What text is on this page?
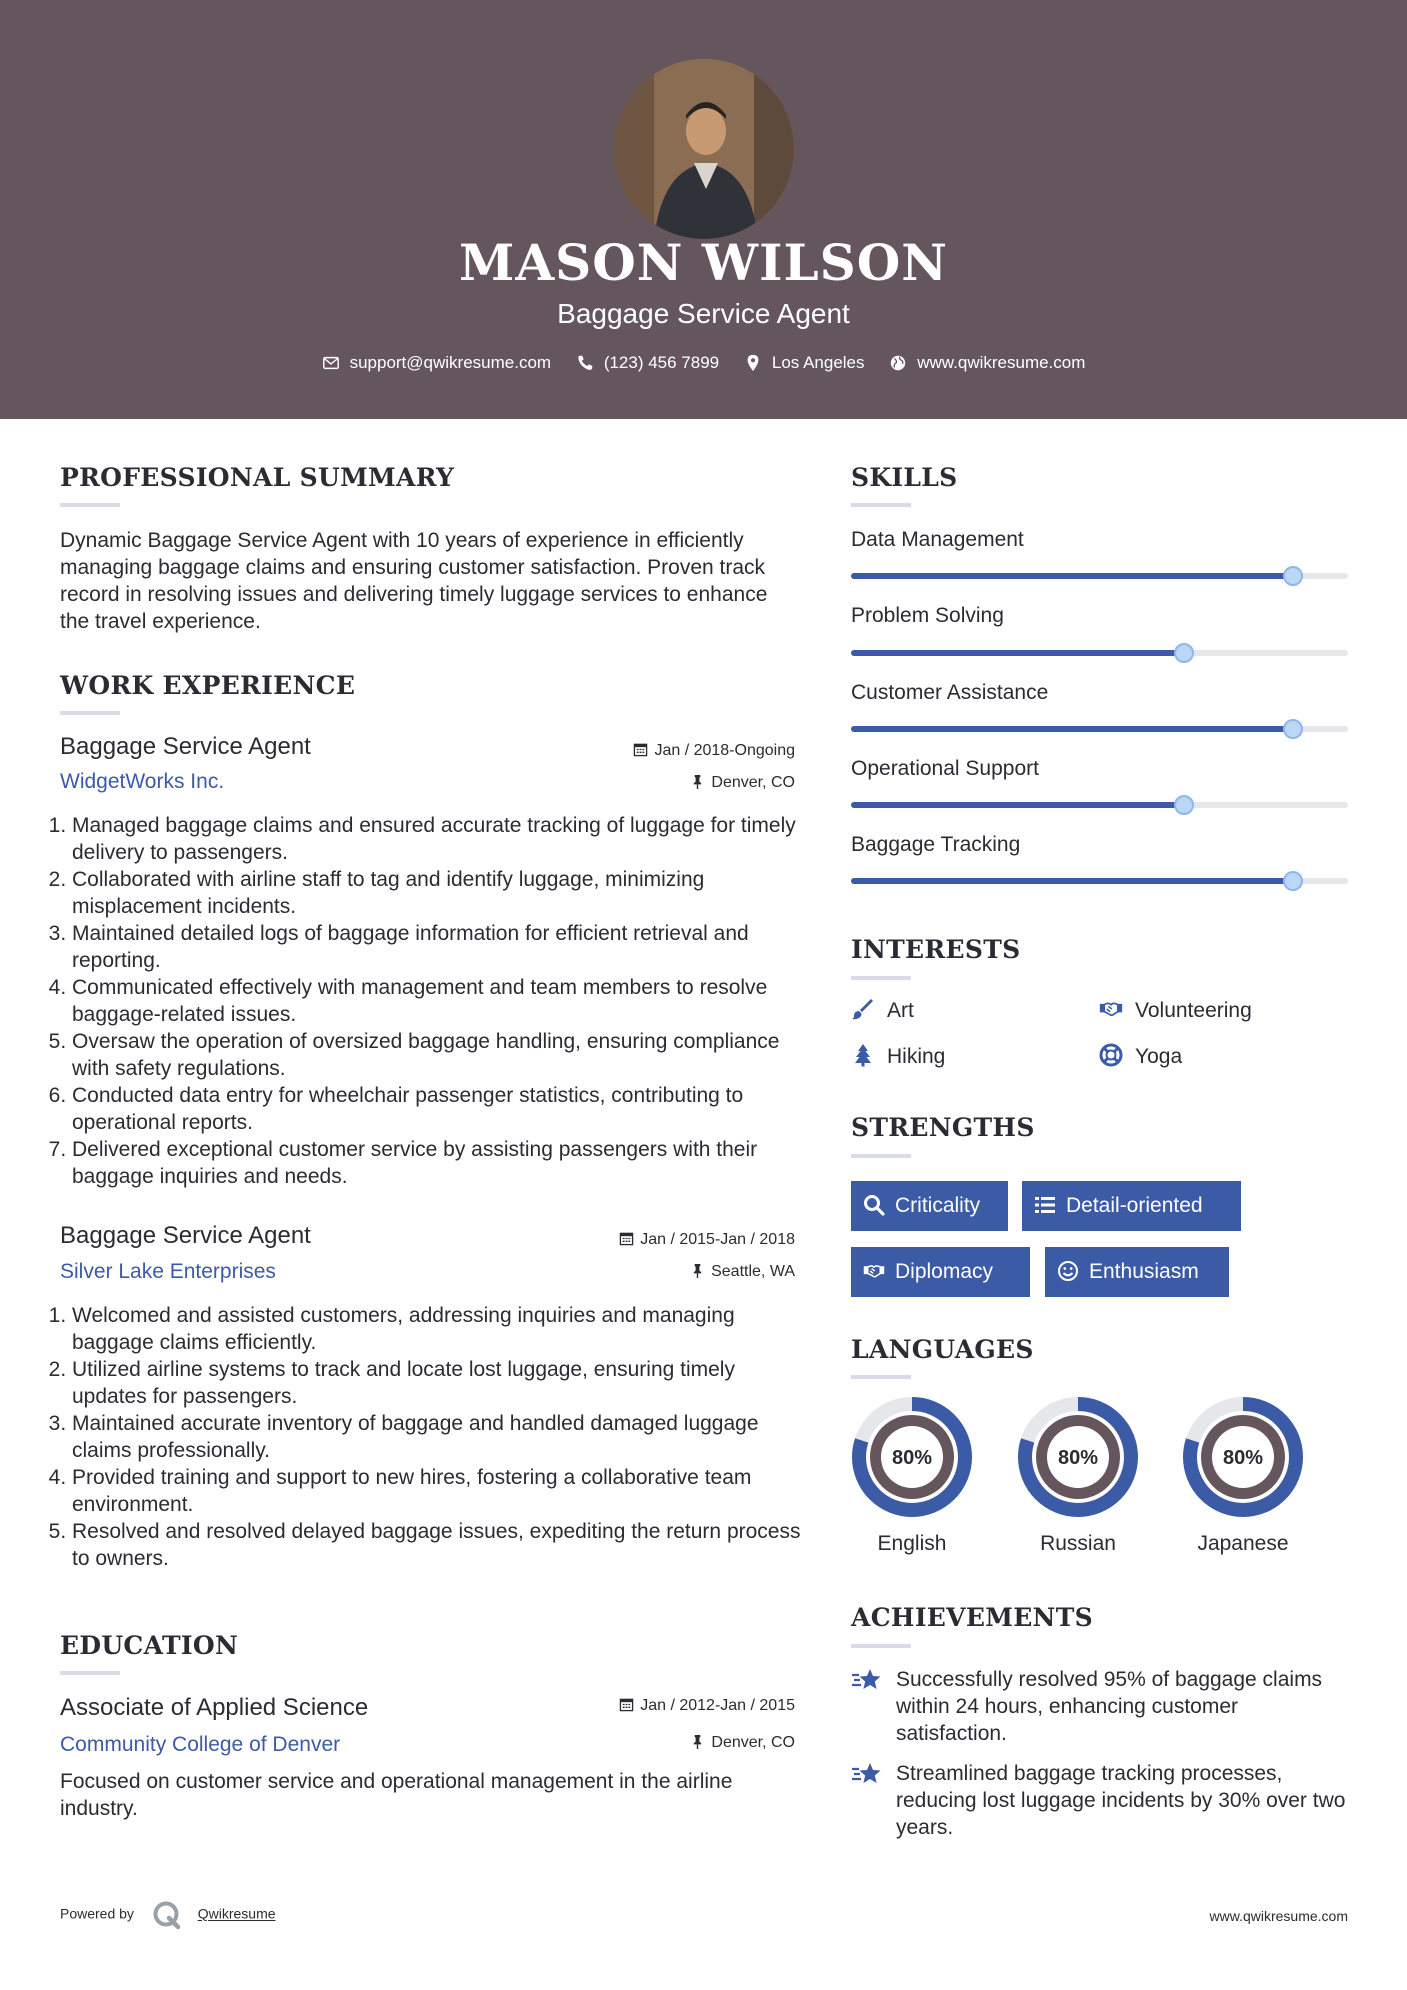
MASON WILSON
Baggage Service Agent
support@qwikresume.com	(123) 456 7899	Los Angeles	www.qwikresume.com
PROFESSIONAL SUMMARY
Dynamic Baggage Service Agent with 10 years of experience in efficiently managing baggage claims and ensuring customer satisfaction. Proven track record in resolving issues and delivering timely luggage services to enhance the travel experience.
WORK EXPERIENCE
Baggage Service Agent	Jan / 2018-Ongoing
WidgetWorks Inc.	Denver, CO
1. Managed baggage claims and ensured accurate tracking of luggage for timely delivery to passengers.
2. Collaborated with airline staff to tag and identify luggage, minimizing misplacement incidents.
3. Maintained detailed logs of baggage information for efficient retrieval and reporting.
4. Communicated effectively with management and team members to resolve baggage-related issues.
5. Oversaw the operation of oversized baggage handling, ensuring compliance with safety regulations.
6. Conducted data entry for wheelchair passenger statistics, contributing to operational reports.
7. Delivered exceptional customer service by assisting passengers with their baggage inquiries and needs.
Baggage Service Agent	Jan / 2015-Jan / 2018
Silver Lake Enterprises	Seattle, WA
1. Welcomed and assisted customers, addressing inquiries and managing baggage claims efficiently.
2. Utilized airline systems to track and locate lost luggage, ensuring timely updates for passengers.
3. Maintained accurate inventory of baggage and handled damaged luggage claims professionally.
4. Provided training and support to new hires, fostering a collaborative team environment.
5. Resolved and resolved delayed baggage issues, expediting the return process to owners.
EDUCATION
Associate of Applied Science	Jan / 2012-Jan / 2015
Community College of Denver	Denver, CO
Focused on customer service and operational management in the airline industry.
SKILLS
Data Management
Problem Solving
Customer Assistance
Operational Support
Baggage Tracking
INTERESTS
Art	Volunteering
Hiking	Yoga
STRENGTHS
Criticality	Detail-oriented
Diplomacy	Enthusiasm
LANGUAGES
80%
English
80%
Russian
80%
Japanese
ACHIEVEMENTS
Successfully resolved 95% of baggage claims within 24 hours, enhancing customer satisfaction.
Streamlined baggage tracking processes, reducing lost luggage incidents by 30% over two years.
Powered by	Qwikresume	www.qwikresume.com
